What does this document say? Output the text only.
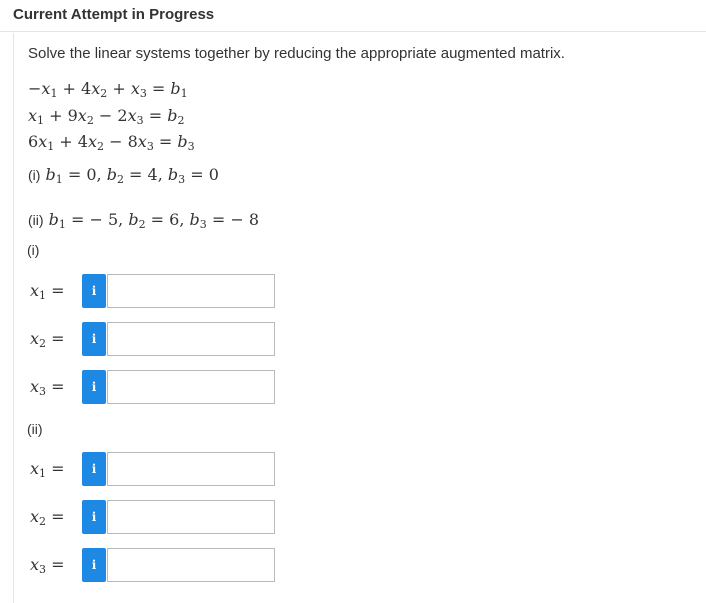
Current Attempt in Progress
Solve the linear systems together by reducing the appropriate augmented matrix.
$-x_1 + 4x_2 + x_3 = b_1$
$x_1 + 9x_2 - 2x_3 = b_2$
$6x_1 + 4x_2 - 8x_3 = b_3$
(i) $b_1 = 0$, $b_2 = 4$, $b_3 = 0$
(ii) $b_1$ = − 5, $b_2 = 6$, $b_3$ = − 8
(i)
$x_1$ =	i
$x_2$ =	i
$x_3$ =	i
(ii)
$x_1$ =	i
$x_2$ =	i
$x_3$ =	i
